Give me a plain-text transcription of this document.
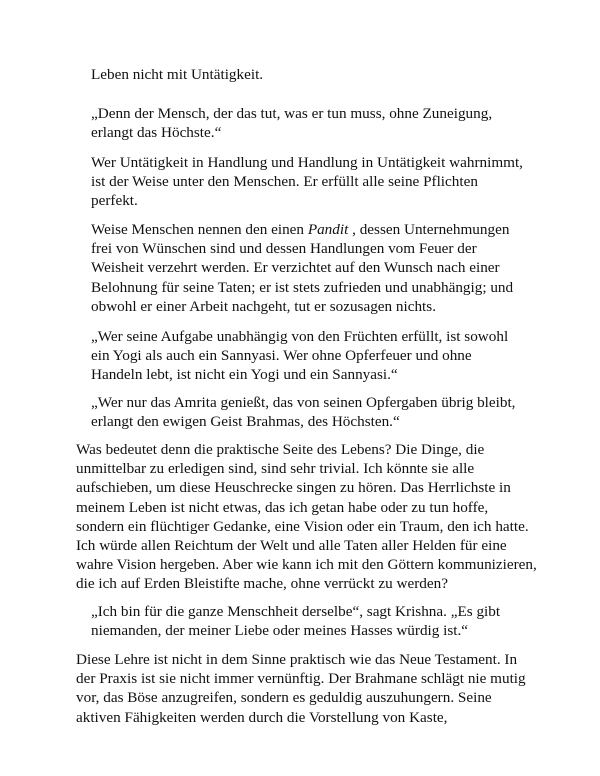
Leben nicht mit Untätigkeit.

„Denn der Mensch, der das tut, was er tun muss, ohne Zuneigung,
erlangt das Höchste.“

Wer Untätigkeit in Handlung und Handlung in Untätigkeit wahrnimmt,
ist der Weise unter den Menschen. Er erfüllt alle seine Pflichten
perfekt.

Weise Menschen nennen den einen Pandit , dessen Unternehmungen
frei von Wünschen sind und dessen Handlungen vom Feuer der
Weisheit verzehrt werden. Er verzichtet auf den Wunsch nach einer
Belohnung für seine Taten; er ist stets zufrieden und unabhängig; und
obwohl er einer Arbeit nachgeht, tut er sozusagen nichts.

„Wer seine Aufgabe unabhängig von den Früchten erfüllt, ist sowohl
ein Yogi als auch ein Sannyasi. Wer ohne Opferfeuer und ohne
Handeln lebt, ist nicht ein Yogi und ein Sannyasi.“

„Wer nur das Amrita genießt, das von seinen Opfergaben übrig bleibt,
erlangt den ewigen Geist Brahmas, des Höchsten.“

Was bedeutet denn die praktische Seite des Lebens? Die Dinge, die
unmittelbar zu erledigen sind, sind sehr trivial. Ich könnte sie alle
aufschieben, um diese Heuschrecke singen zu hören. Das Herrlichste in
meinem Leben ist nicht etwas, das ich getan habe oder zu tun hoffe,
sondern ein flüchtiger Gedanke, eine Vision oder ein Traum, den ich hatte.
Ich würde allen Reichtum der Welt und alle Taten aller Helden für eine
wahre Vision hergeben. Aber wie kann ich mit den Göttern kommunizieren,
die ich auf Erden Bleistifte mache, ohne verrückt zu werden?

„Ich bin für die ganze Menschheit derselbe“, sagt Krishna. „Es gibt
niemanden, der meiner Liebe oder meines Hasses würdig ist.“

Diese Lehre ist nicht in dem Sinne praktisch wie das Neue Testament. In
der Praxis ist sie nicht immer vernünftig. Der Brahmane schlägt nie mutig
vor, das Böse anzugreifen, sondern es geduldig auszuhungern. Seine
aktiven Fähigkeiten werden durch die Vorstellung von Kaste,
